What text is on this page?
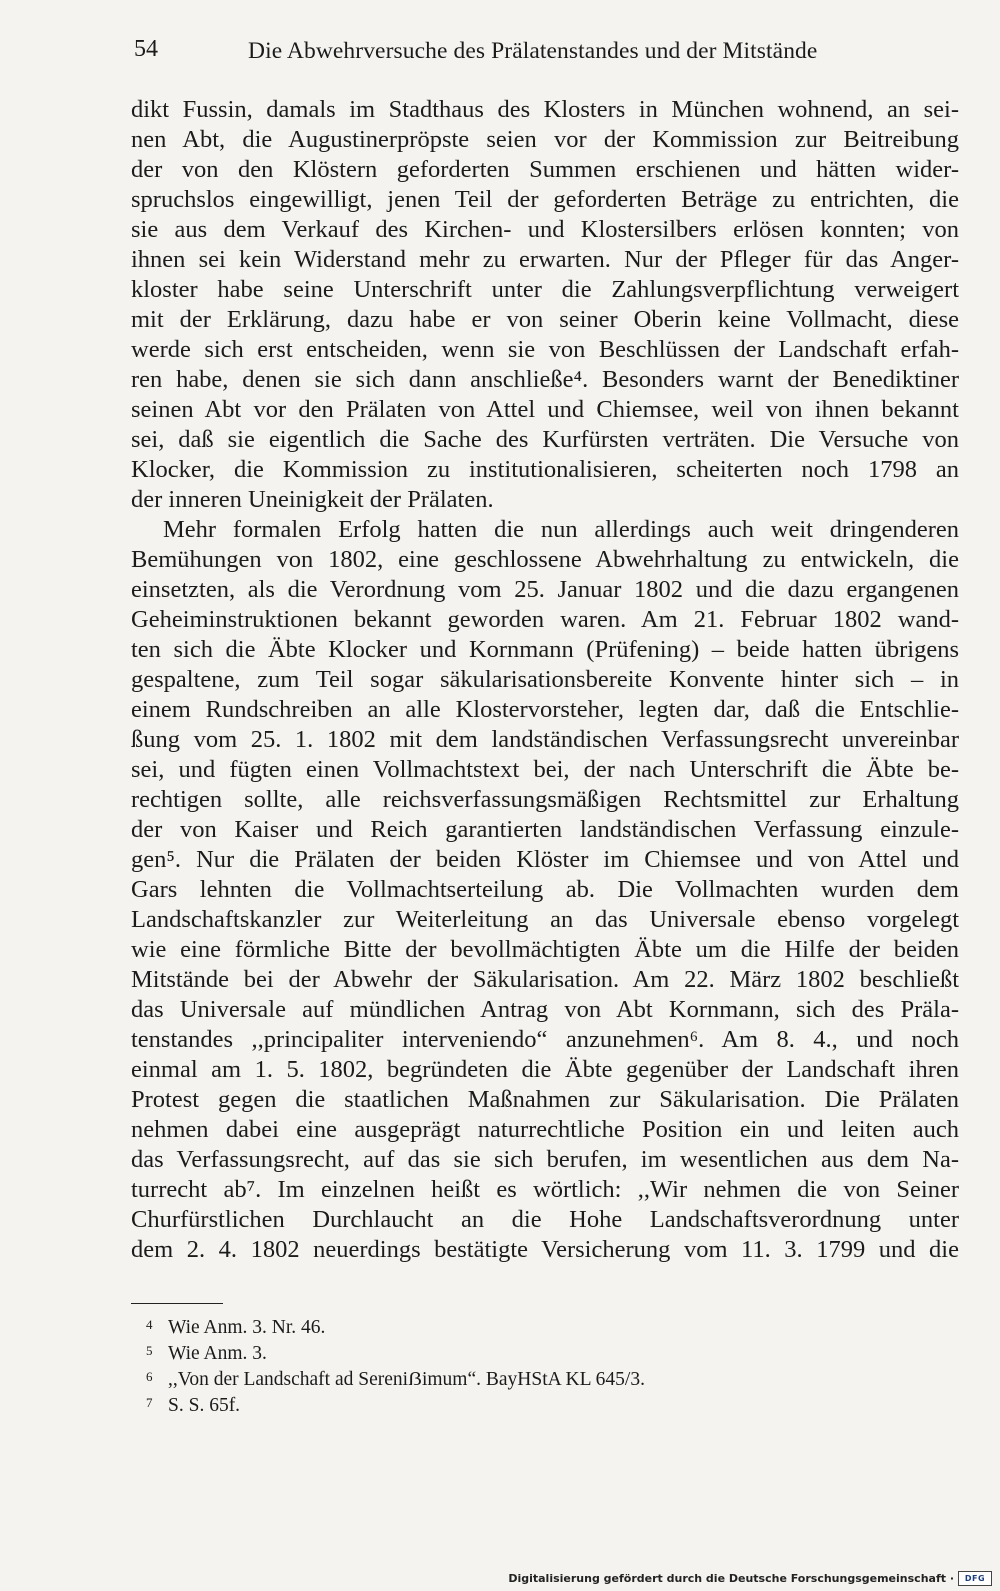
54	Die Abwehrversuche des Prälatenstandes und der Mitstände
dikt Fussin, damals im Stadthaus des Klosters in München wohnend, an sei-
nen Abt, die Augustinerpröpste seien vor der Kommission zur Beitreibung
der von den Klöstern geforderten Summen erschienen und hätten wider-
spruchslos eingewilligt, jenen Teil der geforderten Beträge zu entrichten, die
sie aus dem Verkauf des Kirchen- und Klostersilbers erlösen konnten; von
ihnen sei kein Widerstand mehr zu erwarten. Nur der Pfleger für das Anger-
kloster habe seine Unterschrift unter die Zahlungsverpflichtung verweigert
mit der Erklärung, dazu habe er von seiner Oberin keine Vollmacht, diese
werde sich erst entscheiden, wenn sie von Beschlüssen der Landschaft erfah-
ren habe, denen sie sich dann anschließe⁴. Besonders warnt der Benediktiner
seinen Abt vor den Prälaten von Attel und Chiemsee, weil von ihnen bekannt
sei, daß sie eigentlich die Sache des Kurfürsten verträten. Die Versuche von
Klocker, die Kommission zu institutionalisieren, scheiterten noch 1798 an
der inneren Uneinigkeit der Prälaten.
Mehr formalen Erfolg hatten die nun allerdings auch weit dringenderen
Bemühungen von 1802, eine geschlossene Abwehrhaltung zu entwickeln, die
einsetzten, als die Verordnung vom 25. Januar 1802 und die dazu ergangenen
Geheiminstruktionen bekannt geworden waren. Am 21. Februar 1802 wand-
ten sich die Äbte Klocker und Kornmann (Prüfening) – beide hatten übrigens
gespaltene, zum Teil sogar säkularisationsbereite Konvente hinter sich – in
einem Rundschreiben an alle Klostervorsteher, legten dar, daß die Entschlie-
ßung vom 25. 1. 1802 mit dem landständischen Verfassungsrecht unvereinbar
sei, und fügten einen Vollmachtstext bei, der nach Unterschrift die Äbte be-
rechtigen sollte, alle reichsverfassungsmäßigen Rechtsmittel zur Erhaltung
der von Kaiser und Reich garantierten landständischen Verfassung einzule-
gen⁵. Nur die Prälaten der beiden Klöster im Chiemsee und von Attel und
Gars lehnten die Vollmachtserteilung ab. Die Vollmachten wurden dem
Landschaftskanzler zur Weiterleitung an das Universale ebenso vorgelegt
wie eine förmliche Bitte der bevollmächtigten Äbte um die Hilfe der beiden
Mitstände bei der Abwehr der Säkularisation. Am 22. März 1802 beschließt
das Universale auf mündlichen Antrag von Abt Kornmann, sich des Präla-
tenstandes ,,principaliter interveniendo“ anzunehmen⁶. Am 8. 4., und noch
einmal am 1. 5. 1802, begründeten die Äbte gegenüber der Landschaft ihren
Protest gegen die staatlichen Maßnahmen zur Säkularisation. Die Prälaten
nehmen dabei eine ausgeprägt naturrechtliche Position ein und leiten auch
das Verfassungsrecht, auf das sie sich berufen, im wesentlichen aus dem Na-
turrecht ab⁷. Im einzelnen heißt es wörtlich: ,,Wir nehmen die von Seiner
Churfürstlichen Durchlaucht an die Hohe Landschaftsverordnung unter
dem 2. 4. 1802 neuerdings bestätigte Versicherung vom 11. 3. 1799 und die
4 Wie Anm. 3. Nr. 46.
5 Wie Anm. 3.
6 ,,Von der Landschaft ad Sereniẞimum“. BayHStA KL 645/3.
7 S. S. 65f.
Digitalisierung gefördert durch die Deutsche Forschungsgemeinschaft ·	DFG
